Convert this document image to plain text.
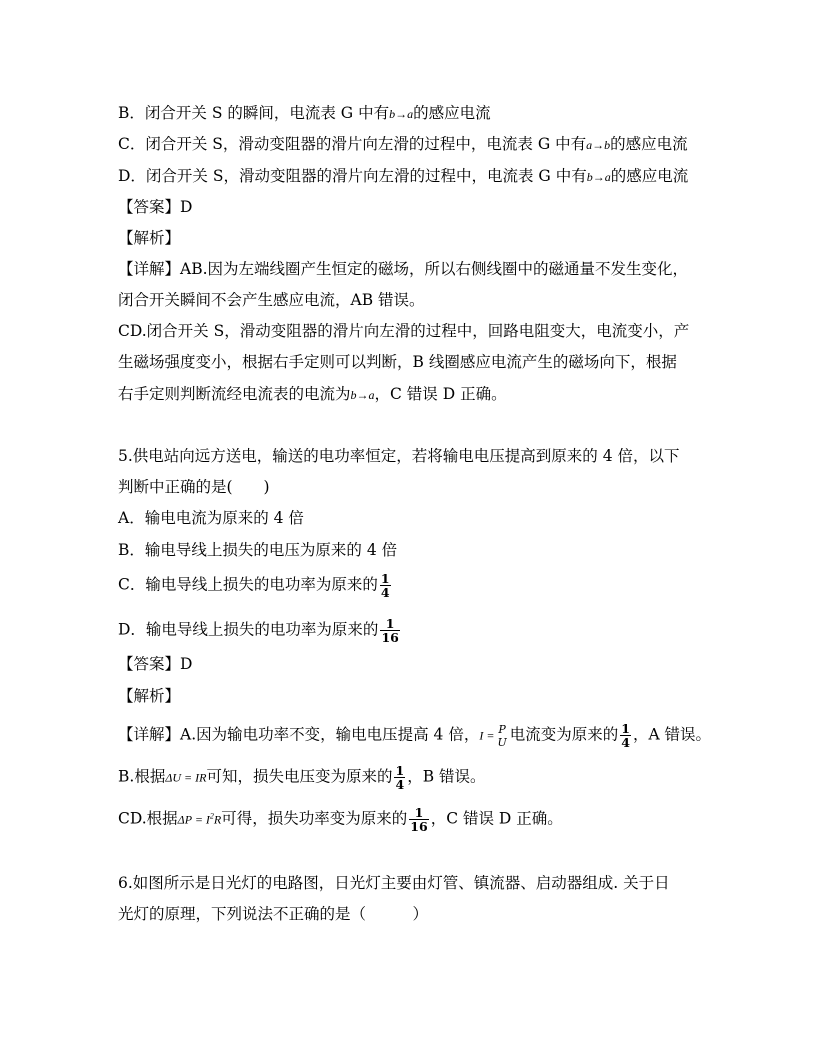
B．闭合开关 S 的瞬间，电流表 G 中有b→a的感应电流
C．闭合开关 S，滑动变阻器的滑片向左滑的过程中，电流表 G 中有a→b的感应电流
D．闭合开关 S，滑动变阻器的滑片向左滑的过程中，电流表 G 中有b→a的感应电流
【答案】D
【解析】
【详解】AB.因为左端线圈产生恒定的磁场，所以右侧线圈中的磁通量不发生变化，
闭合开关瞬间不会产生感应电流，AB 错误。
CD.闭合开关 S，滑动变阻器的滑片向左滑的过程中，回路电阻变大，电流变小，产
生磁场强度变小，根据右手定则可以判断，B 线圈感应电流产生的磁场向下，根据
右手定则判断流经电流表的电流为b→a，C 错误 D 正确。
5.供电站向远方送电，输送的电功率恒定，若将输电电压提高到原来的 4 倍，以下
判断中正确的是(　　)
A．输电电流为原来的 4 倍
B．输电导线上损失的电压为原来的 4 倍
C．输电导线上损失的电功率为原来的 $\frac{1}{4}$
D．输电导线上损失的电功率为原来的 $\frac{1}{16}$
【答案】D
【解析】
【详解】A.因为输电功率不变，输电电压提高 4 倍，I = P
U 电流变为原来的 $\frac{1}{4}$ ，A 错误。
B.根据ΔU = IR可知，损失电压变为原来的 $\frac{1}{4}$ ，B 错误。
CD.根据$\Delta P = I^2R$可得，损失功率变为原来的 $\frac{1}{16}$ ，C 错误 D 正确。
6.如图所示是日光灯的电路图，日光灯主要由灯管、镇流器、启动器组成. 关于日
光灯的原理，下列说法不正确的是（　　　）
